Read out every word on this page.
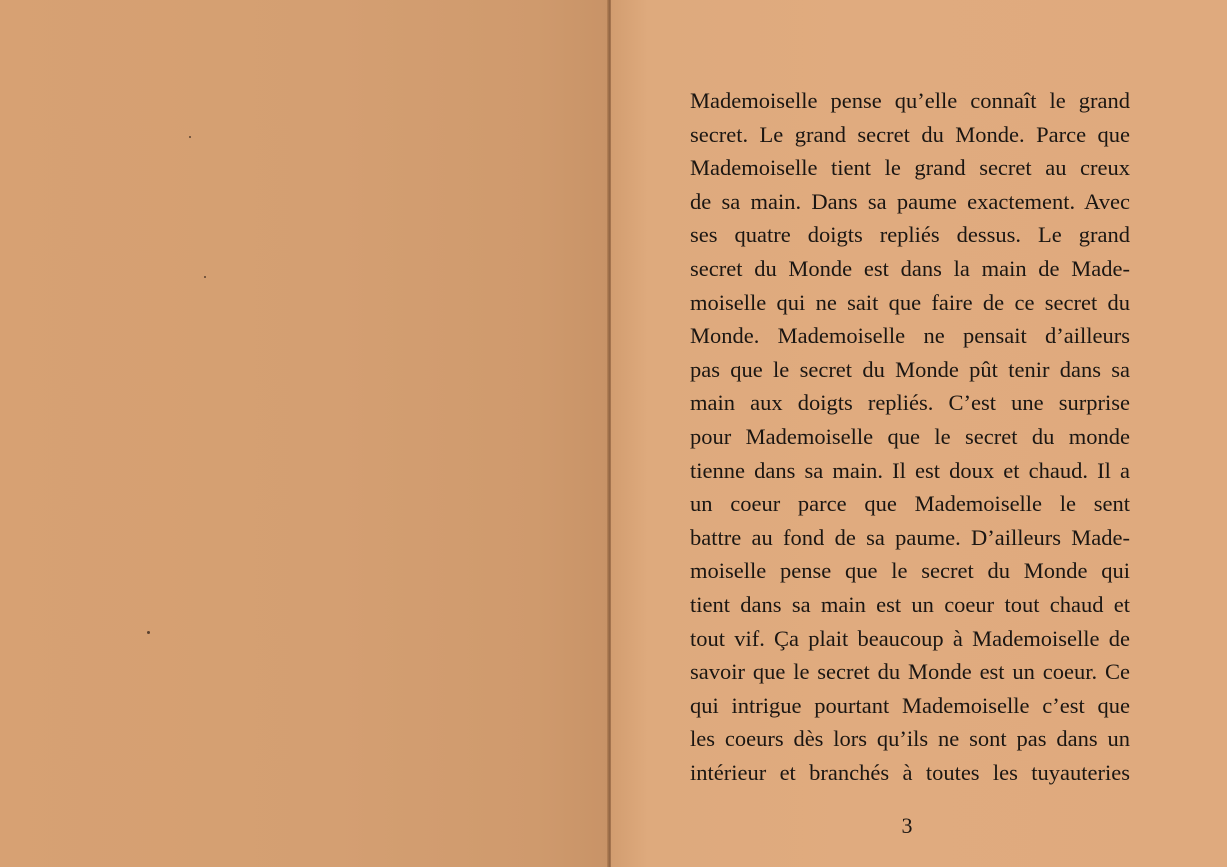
Mademoiselle pense qu’elle connaît le grand
secret. Le grand secret du Monde. Parce que
Mademoiselle tient le grand secret au creux
de sa main. Dans sa paume exactement. Avec
ses quatre doigts repliés dessus. Le grand
secret du Monde est dans la main de Made-
moiselle qui ne sait que faire de ce secret du
Monde. Mademoiselle ne pensait d’ailleurs
pas que le secret du Monde pût tenir dans sa
main aux doigts repliés. C’est une surprise
pour Mademoiselle que le secret du monde
tienne dans sa main. Il est doux et chaud. Il a
un coeur parce que Mademoiselle le sent
battre au fond de sa paume. D’ailleurs Made-
moiselle pense que le secret du Monde qui
tient dans sa main est un coeur tout chaud et
tout vif. Ça plait beaucoup à Mademoiselle de
savoir que le secret du Monde est un coeur. Ce
qui intrigue pourtant Mademoiselle c’est que
les coeurs dès lors qu’ils ne sont pas dans un
intérieur et branchés à toutes les tuyauteries
3
